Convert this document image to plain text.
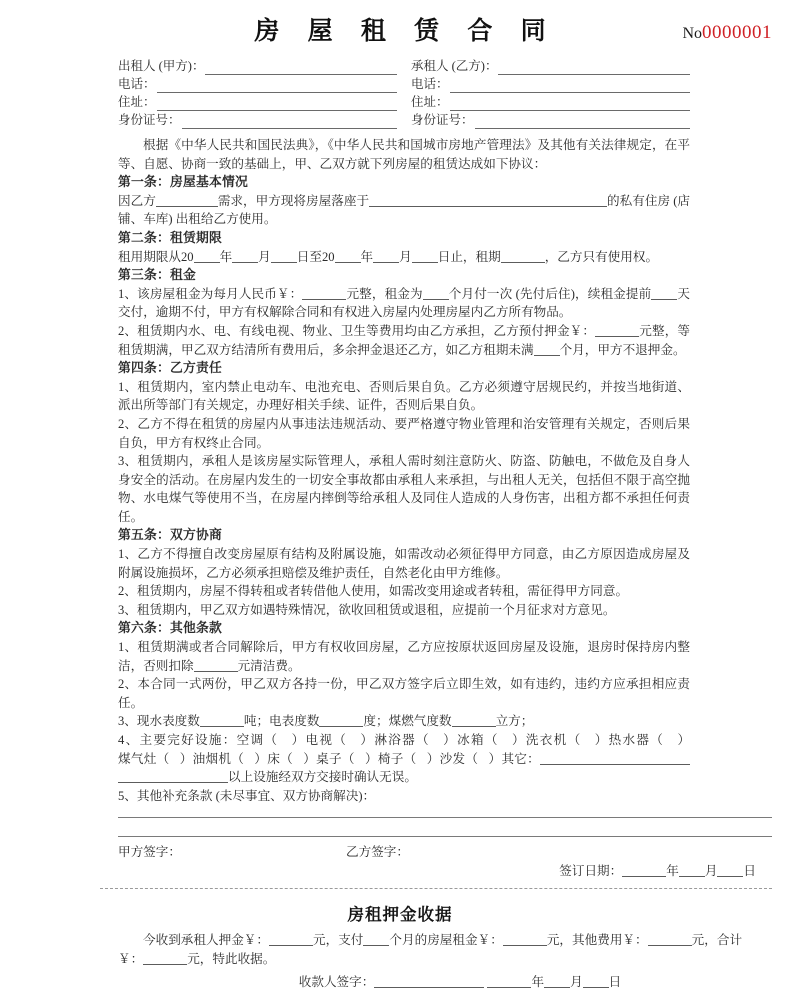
房 屋 租 赁 合 同	No0000001
出租人 (甲方)：	承租人 (乙方)：
电话：	电话：
住址：	住址：
身份证号：	身份证号：

根据《中华人民共和国民法典》，《中华人民共和国城市房地产管理法》及其他有关法律规定，在平等、自愿、协商一致的基础上，甲、乙双方就下列房屋的租赁达成如下协议：

第一条：房屋基本情况

因乙方	需求，甲方现将房屋落座于	的私有住房 (店铺、车库) 出租给乙方使用。

第二条：租赁期限

租用期限从20 年 月 日至20 年 月 日止，租期	，乙方只有使用权。

第三条：租金

1、该房屋租金为每月人民币￥：	元整，租金为 个月付一次 (先付后住)，续租金提前 天交付，逾期不付，甲方有权解除合同和有权进入房屋内处理房屋内乙方所有物品。

2、租赁期内水、电、有线电视、物业、卫生等费用均由乙方承担，乙方预付押金￥：	元整，等租赁期满，甲乙双方结清所有费用后，多余押金退还乙方，如乙方租期未满 个月，甲方不退押金。

第四条：乙方责任

1、租赁期内，室内禁止电动车、电池充电、否则后果自负。乙方必须遵守居规民约，并按当地街道、派出所等部门有关规定，办理好相关手续、证件，否则后果自负。

2、乙方不得在租赁的房屋内从事违法违规活动、要严格遵守物业管理和治安管理有关规定，否则后果自负，甲方有权终止合同。

3、租赁期内，承租人是该房屋实际管理人，承租人需时刻注意防火、防盗、防触电，不做危及自身人身安全的活动。在房屋内发生的一切安全事故都由承租人来承担，与出租人无关，包括但不限于高空抛物、水电煤气等使用不当，在房屋内摔倒等给承租人及同住人造成的人身伤害，出租方都不承担任何责任。

第五条：双方协商

1、乙方不得擅自改变房屋原有结构及附属设施，如需改动必须征得甲方同意，由乙方原因造成房屋及附属设施损坏，乙方必须承担赔偿及维护责任，自然老化由甲方维修。

2、租赁期内，房屋不得转租或者转借他人使用，如需改变用途或者转租，需征得甲方同意。

3、租赁期内，甲乙双方如遇特殊情况，欲收回租赁或退租，应提前一个月征求对方意见。

第六条：其他条款

1、租赁期满或者合同解除后，甲方有权收回房屋，乙方应按原状返回房屋及设施，退房时保持房内整洁，否则扣除	元清洁费。

2、本合同一式两份，甲乙双方各持一份，甲乙双方签字后立即生效，如有违约，违约方应承担相应责任。

3、现水表度数	吨；电表度数	度；煤燃气度数	立方；

4、主要完好设施：空调（   ）电视（   ）淋浴器（   ）冰箱（   ）洗衣机（   ）热水器（   ）煤气灶（   ）油烟机（   ）床（   ）桌子（   ）椅子（   ）沙发（   ）其它：以上设施经双方交接时确认无误。

5、其他补充条款 (未尽事宜、双方协商解决)：

甲方签字：	乙方签字：
签订日期：	年 月 日
房租押金收据

今收到承租人押金￥：	元，支付 个月的房屋租金￥：	元，其他费用￥：	元，合计￥：	元，特此收据。

收款人签字：	年 月 日
